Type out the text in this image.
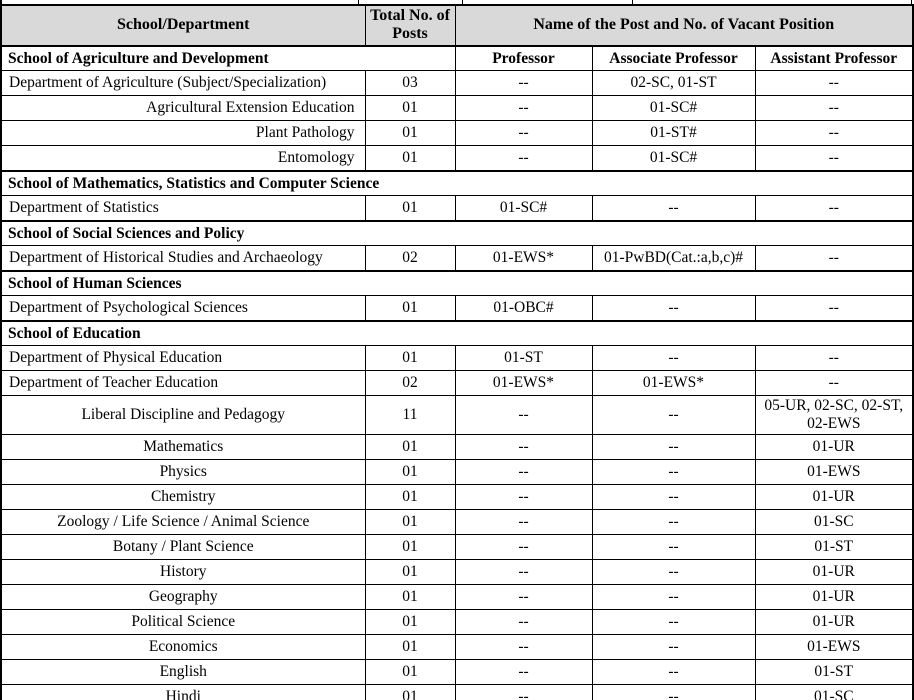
School/Department	Total No. of Posts	Name of the Post and No. of Vacant Position		
School of Agriculture and Development		Professor	Associate Professor	Assistant Professor
Department of Agriculture (Subject/Specialization)	03	--	02-SC, 01-ST	--
Agricultural Extension Education	01	--	01-SC#	--
Plant Pathology	01	--	01-ST#	--
Entomology	01	--	01-SC#	--
School of Mathematics, Statistics and Computer Science				
Department of Statistics	01	01-SC#	--	--
School of Social Sciences and Policy				
Department of Historical Studies and Archaeology	02	01-EWS*	01-PwBD(Cat.:a,b,c)#	--
School of Human Sciences				
Department of Psychological Sciences	01	01-OBC#	--	--
School of Education				
Department of Physical Education	01	01-ST	--	--
Department of Teacher Education	02	01-EWS*	01-EWS*	--
Liberal Discipline and Pedagogy	11	--	--	05-UR, 02-SC, 02-ST, 02-EWS
Mathematics	01	--	--	01-UR
Physics	01	--	--	01-EWS
Chemistry	01	--	--	01-UR
Zoology / Life Science / Animal Science	01	--	--	01-SC
Botany / Plant Science	01	--	--	01-ST
History	01	--	--	01-UR
Geography	01	--	--	01-UR
Political Science	01	--	--	01-UR
Economics	01	--	--	01-EWS
English	01	--	--	01-ST
Hindi	01	--	--	01-SC
